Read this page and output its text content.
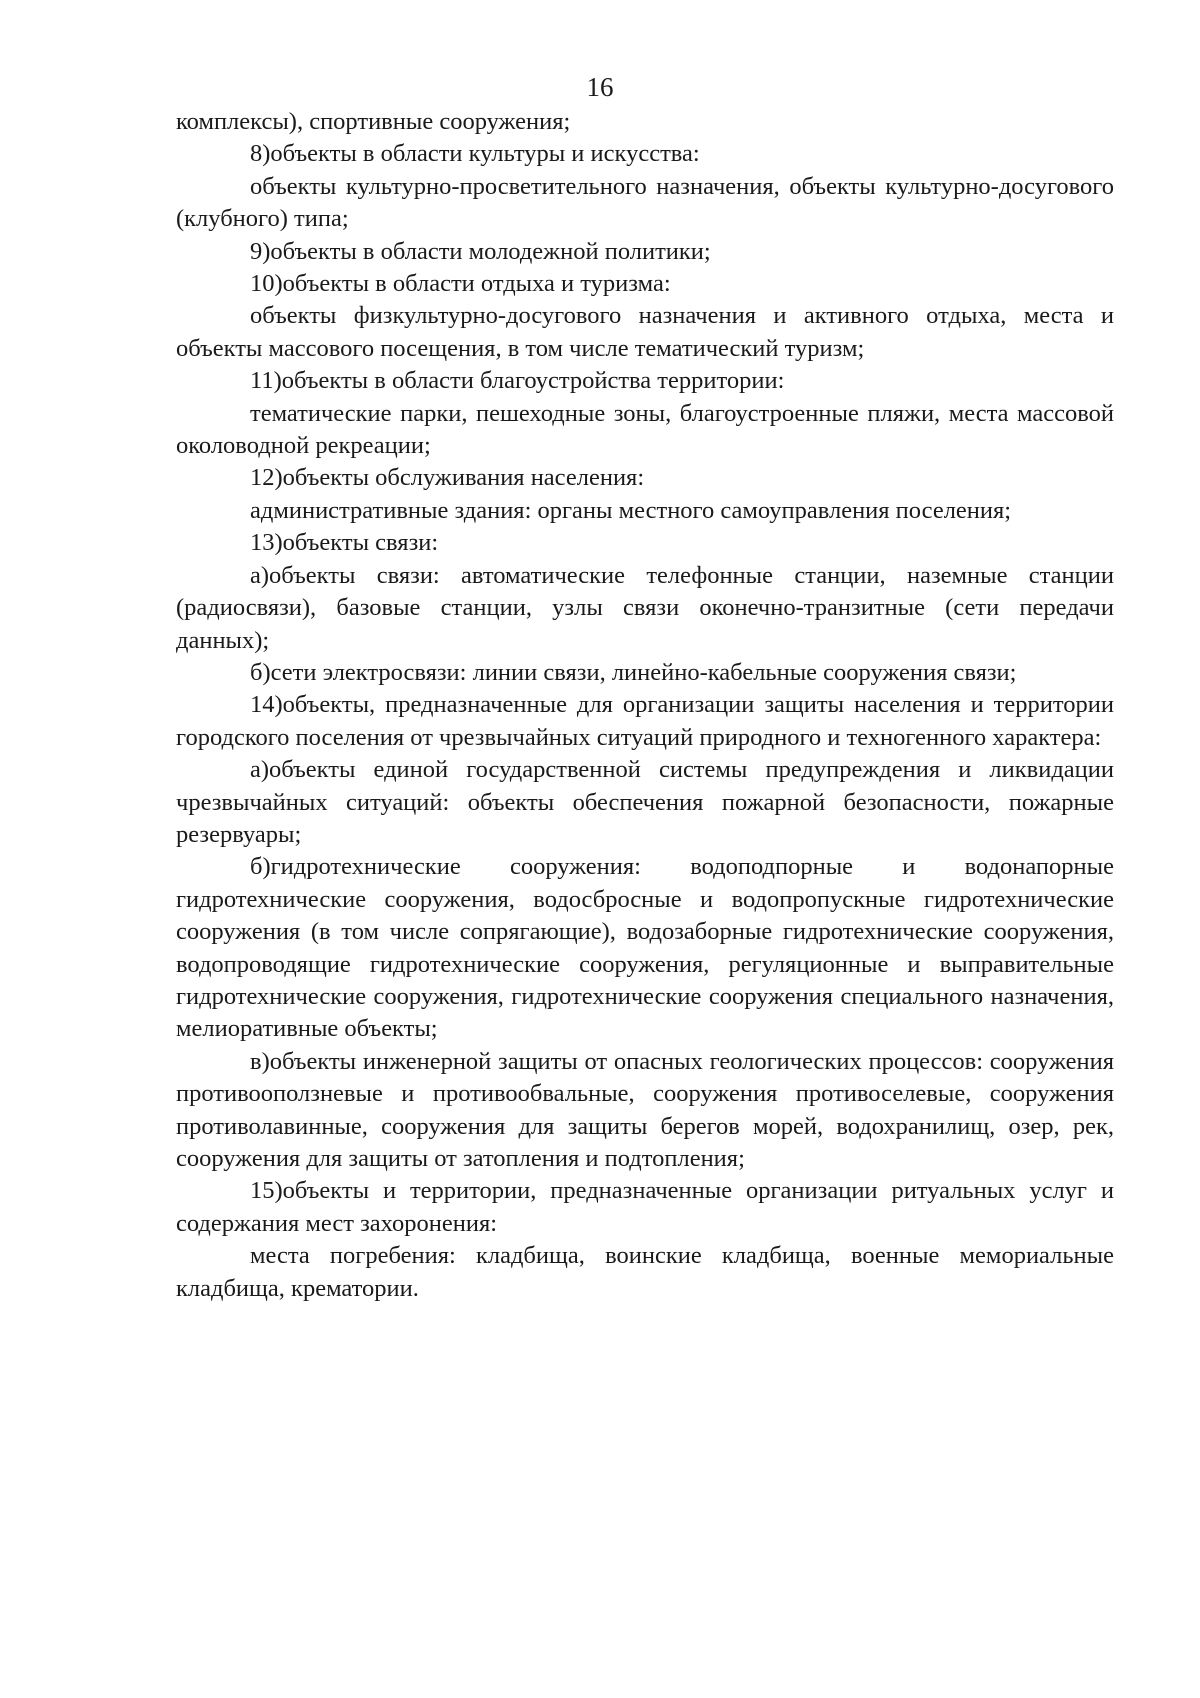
16

комплексы), спортивные сооружения;

8)объекты в области культуры и искусства:

объекты культурно-просветительного назначения, объекты культурно-досугового (клубного) типа;

9)объекты в области молодежной политики;

10)объекты в области отдыха и туризма:

объекты физкультурно-досугового назначения и активного отдыха, места и объекты массового посещения, в том числе тематический туризм;

11)объекты в области благоустройства территории:

тематические парки, пешеходные зоны, благоустроенные пляжи, места массовой околоводной рекреации;

12)объекты обслуживания населения:

административные здания: органы местного самоуправления поселения;

13)объекты связи:

а)объекты связи: автоматические телефонные станции, наземные станции (радиосвязи), базовые станции, узлы связи оконечно-транзитные (сети передачи данных);

б)сети электросвязи: линии связи, линейно-кабельные сооружения связи;

14)объекты, предназначенные для организации защиты населения и территории городского поселения от чрезвычайных ситуаций природного и техногенного характера:

а)объекты единой государственной системы предупреждения и ликвидации чрезвычайных ситуаций: объекты обеспечения пожарной безопасности, пожарные резервуары;

б)гидротехнические сооружения: водоподпорные и водонапорные гидротехнические сооружения, водосбросные и водопропускные гидротехнические сооружения (в том числе сопрягающие), водозаборные гидротехнические сооружения, водопроводящие гидротехнические сооружения, регуляционные и выправительные гидротехнические сооружения, гидротехнические сооружения специального назначения, мелиоративные объекты;

в)объекты инженерной защиты от опасных геологических процессов: сооружения противооползневые и противообвальные, сооружения противоселевые, сооружения противолавинные, сооружения для защиты берегов морей, водохранилищ, озер, рек, сооружения для защиты от затопления и подтопления;

15)объекты и территории, предназначенные организации ритуальных услуг и содержания мест захоронения:

места погребения: кладбища, воинские кладбища, военные мемориальные кладбища, крематории.
